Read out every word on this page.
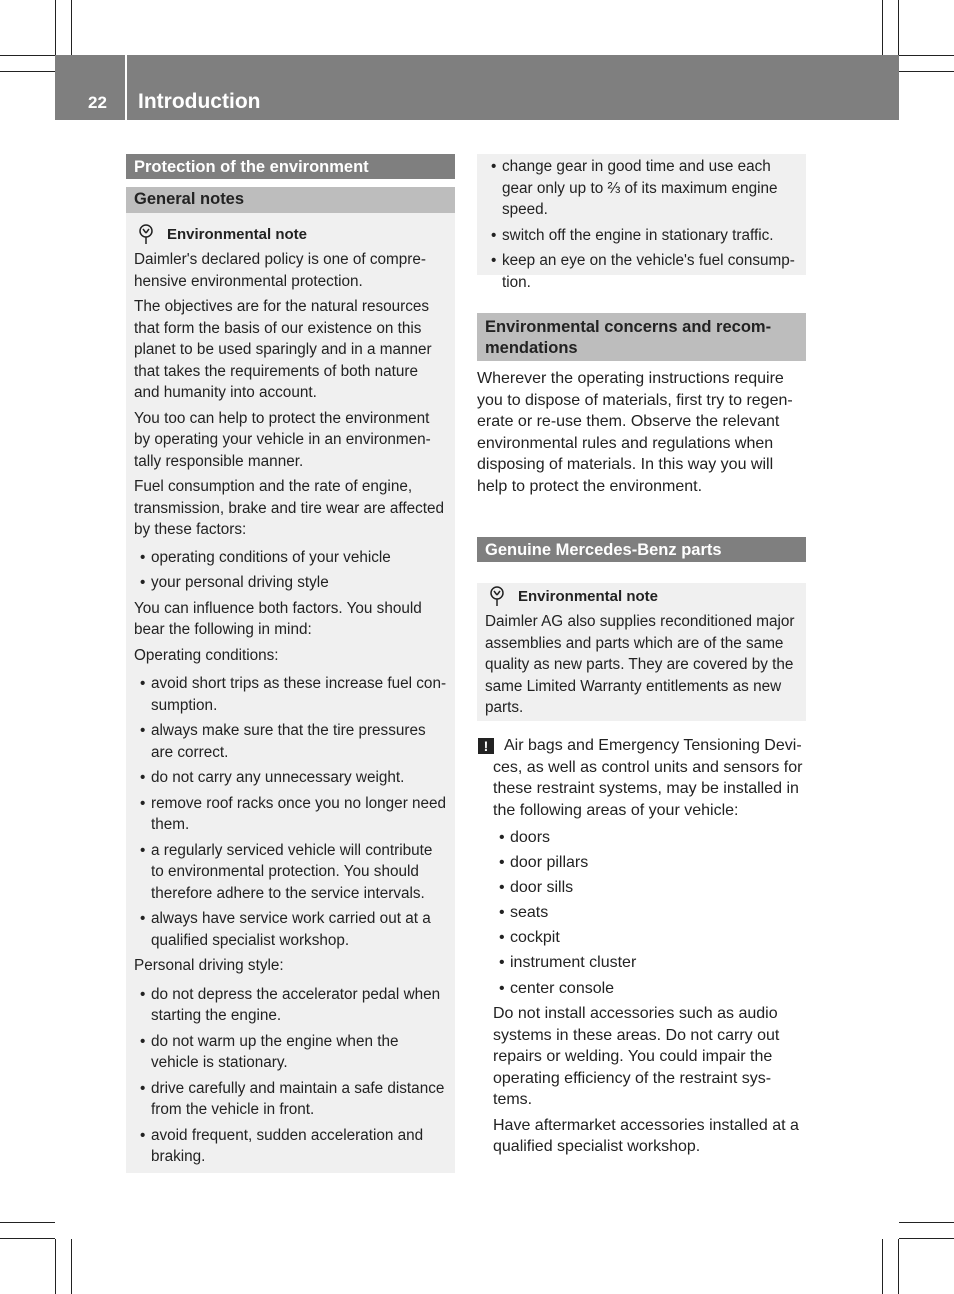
22 Introduction
Protection of the environment
General notes
Environmental note

Daimler's declared policy is one of compre-hensive environmental protection.

The objectives are for the natural resources that form the basis of our existence on this planet to be used sparingly and in a manner that takes the requirements of both nature and humanity into account.

You too can help to protect the environment by operating your vehicle in an environmen-tally responsible manner.

Fuel consumption and the rate of engine, transmission, brake and tire wear are affected by these factors:

• operating conditions of your vehicle
• your personal driving style

You can influence both factors. You should bear the following in mind:

Operating conditions:

• avoid short trips as these increase fuel con-sumption.
• always make sure that the tire pressures are correct.
• do not carry any unnecessary weight.
• remove roof racks once you no longer need them.
• a regularly serviced vehicle will contribute to environmental protection. You should therefore adhere to the service intervals.
• always have service work carried out at a qualified specialist workshop.

Personal driving style:

• do not depress the accelerator pedal when starting the engine.
• do not warm up the engine when the vehicle is stationary.
• drive carefully and maintain a safe distance from the vehicle in front.
• avoid frequent, sudden acceleration and braking.
• change gear in good time and use each gear only up to ⅔ of its maximum engine speed.
• switch off the engine in stationary traffic.
• keep an eye on the vehicle's fuel consump-tion.
Environmental concerns and recom-mendations

Wherever the operating instructions require you to dispose of materials, first try to regen-erate or re-use them. Observe the relevant environmental rules and regulations when disposing of materials. In this way you will help to protect the environment.

Genuine Mercedes-Benz parts
Environmental note

Daimler AG also supplies reconditioned major assemblies and parts which are of the same quality as new parts. They are covered by the same Limited Warranty entitlements as new parts.

! Air bags and Emergency Tensioning Devi-ces, as well as control units and sensors for these restraint systems, may be installed in the following areas of your vehicle:

• doors
• door pillars
• door sills
• seats
• cockpit
• instrument cluster
• center console

Do not install accessories such as audio systems in these areas. Do not carry out repairs or welding. You could impair the operating efficiency of the restraint sys-tems.

Have aftermarket accessories installed at a qualified specialist workshop.
